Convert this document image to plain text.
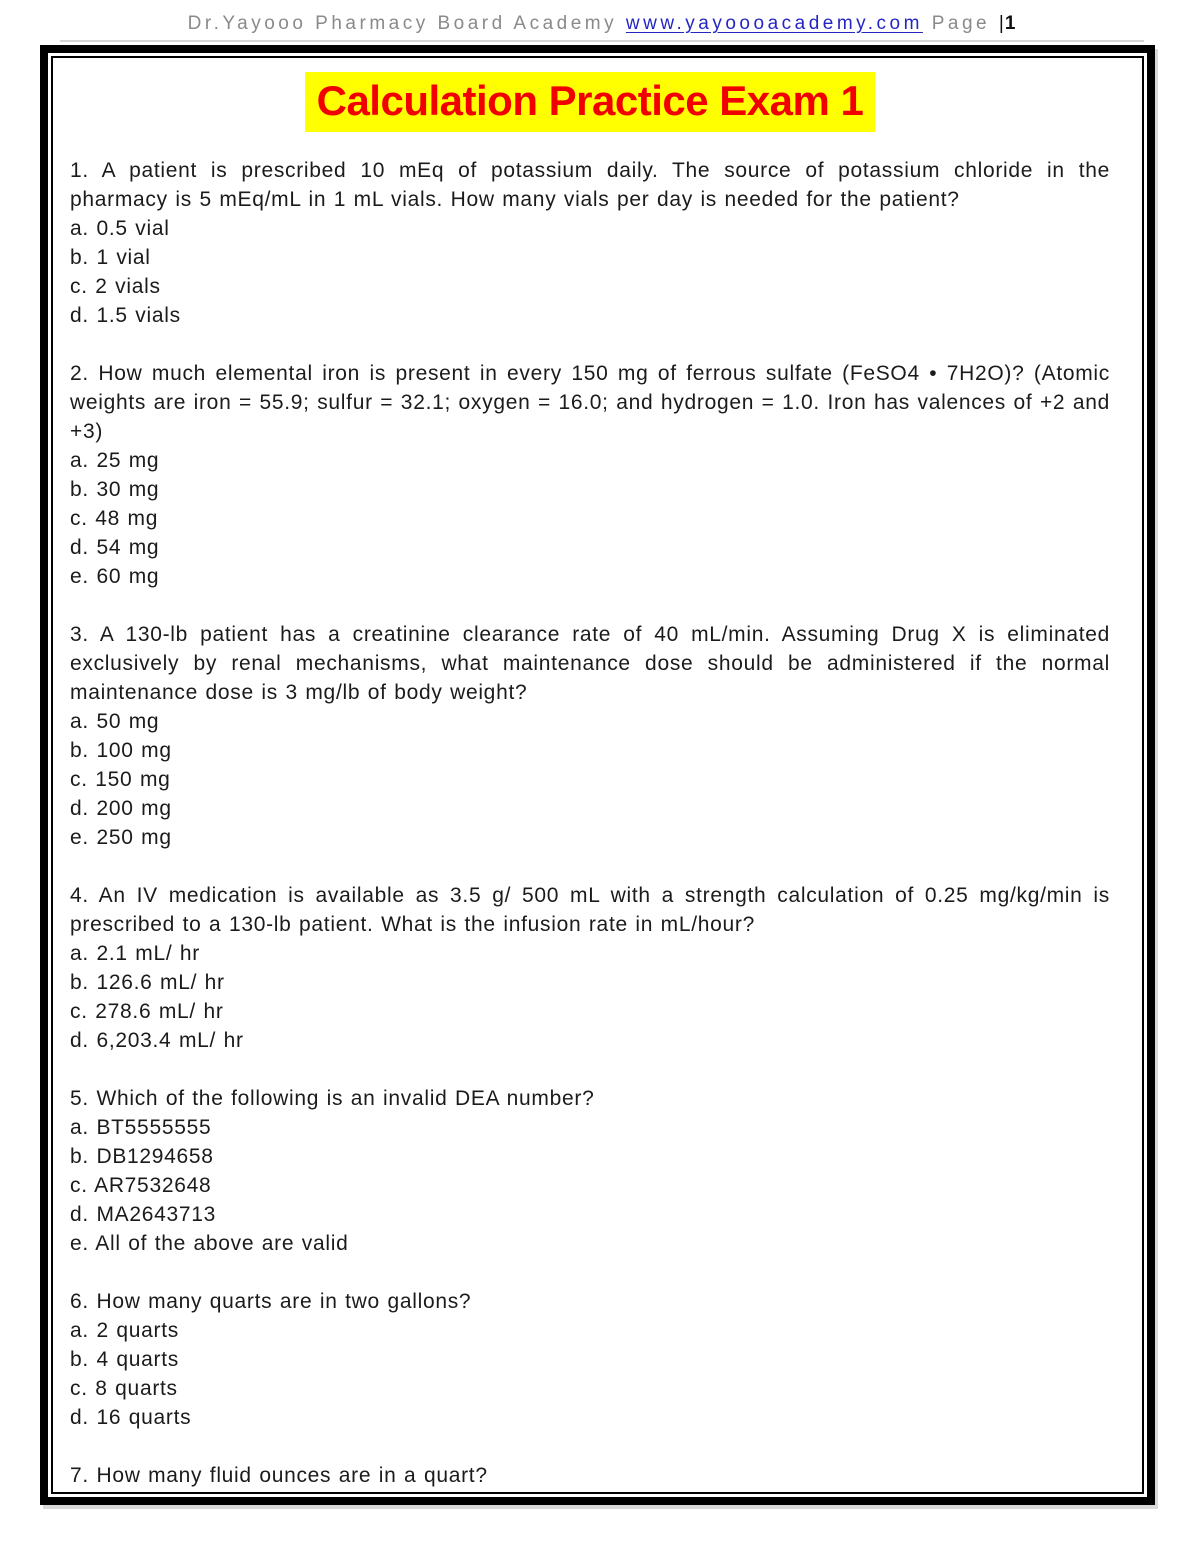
Dr.Yayooo Pharmacy Board Academy www.yayoooacademy.com Page |1
Calculation Practice Exam 1
1. A patient is prescribed 10 mEq of potassium daily. The source of potassium chloride in the pharmacy is 5 mEq/mL in 1 mL vials. How many vials per day is needed for the patient?
a. 0.5 vial
b. 1 vial
c. 2 vials
d. 1.5 vials
2. How much elemental iron is present in every 150 mg of ferrous sulfate (FeSO4 • 7H2O)? (Atomic weights are iron = 55.9; sulfur = 32.1; oxygen = 16.0; and hydrogen = 1.0. Iron has valences of +2 and +3)
a. 25 mg
b. 30 mg
c. 48 mg
d. 54 mg
e. 60 mg
3. A 130-lb patient has a creatinine clearance rate of 40 mL/min. Assuming Drug X is eliminated exclusively by renal mechanisms, what maintenance dose should be administered if the normal maintenance dose is 3 mg/lb of body weight?
a. 50 mg
b. 100 mg
c. 150 mg
d. 200 mg
e. 250 mg
4. An IV medication is available as 3.5 g/ 500 mL with a strength calculation of 0.25 mg/kg/min is prescribed to a 130-lb patient. What is the infusion rate in mL/hour?
a. 2.1 mL/ hr
b. 126.6 mL/ hr
c. 278.6 mL/ hr
d. 6,203.4 mL/ hr
5. Which of the following is an invalid DEA number?
a. BT5555555
b. DB1294658
c. AR7532648
d. MA2643713
e. All of the above are valid
6. How many quarts are in two gallons?
a. 2 quarts
b. 4 quarts
c. 8 quarts
d. 16 quarts
7. How many fluid ounces are in a quart?
